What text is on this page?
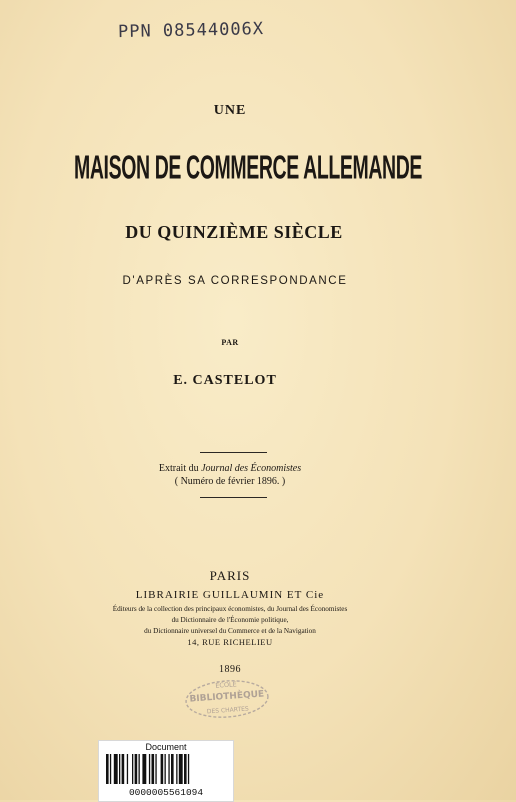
PPN 08544006X
UNE
MAISON DE COMMERCE ALLEMANDE
DU QUINZIÈME SIÈCLE
D'APRÈS SA CORRESPONDANCE
PAR
E. CASTELOT
Extrait du Journal des Économistes
( Numéro de février 1896. )
PARIS
LIBRAIRIE GUILLAUMIN ET Cie
Éditeurs de la collection des principaux économistes, du Journal des Économistes
du Dictionnaire de l'Économie politique,
du Dictionnaire universel du Commerce et de la Navigation
14, RUE RICHELIEU
1896
ÉCOLE
BIBLIOTHÈQUE
DES CHARTES
Document
0000005561094
